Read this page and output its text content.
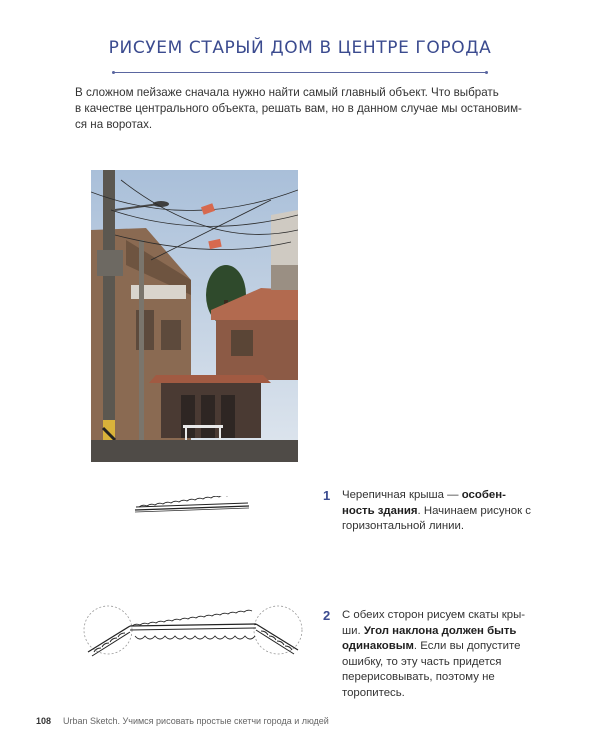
РИСУЕМ СТАРЫЙ ДОМ В ЦЕНТРЕ ГОРОДА

В сложном пейзаже сначала нужно найти самый главный объект. Что выбрать

в качестве центрального объекта, решать вам, но в данном случае мы остановим-

ся на воротах.

1	Черепичная крыша — особен-ность здания. Начинаем рисунок с горизонтальной линии.
2	С обеих сторон рисуем скаты кры-ши. Угол наклона должен быть одинаковым. Если вы допустите ошибку, то эту часть придется перерисовывать, поэтому не торопитесь.
108 Urban Sketch. Учимся рисовать простые скетчи города и людей
